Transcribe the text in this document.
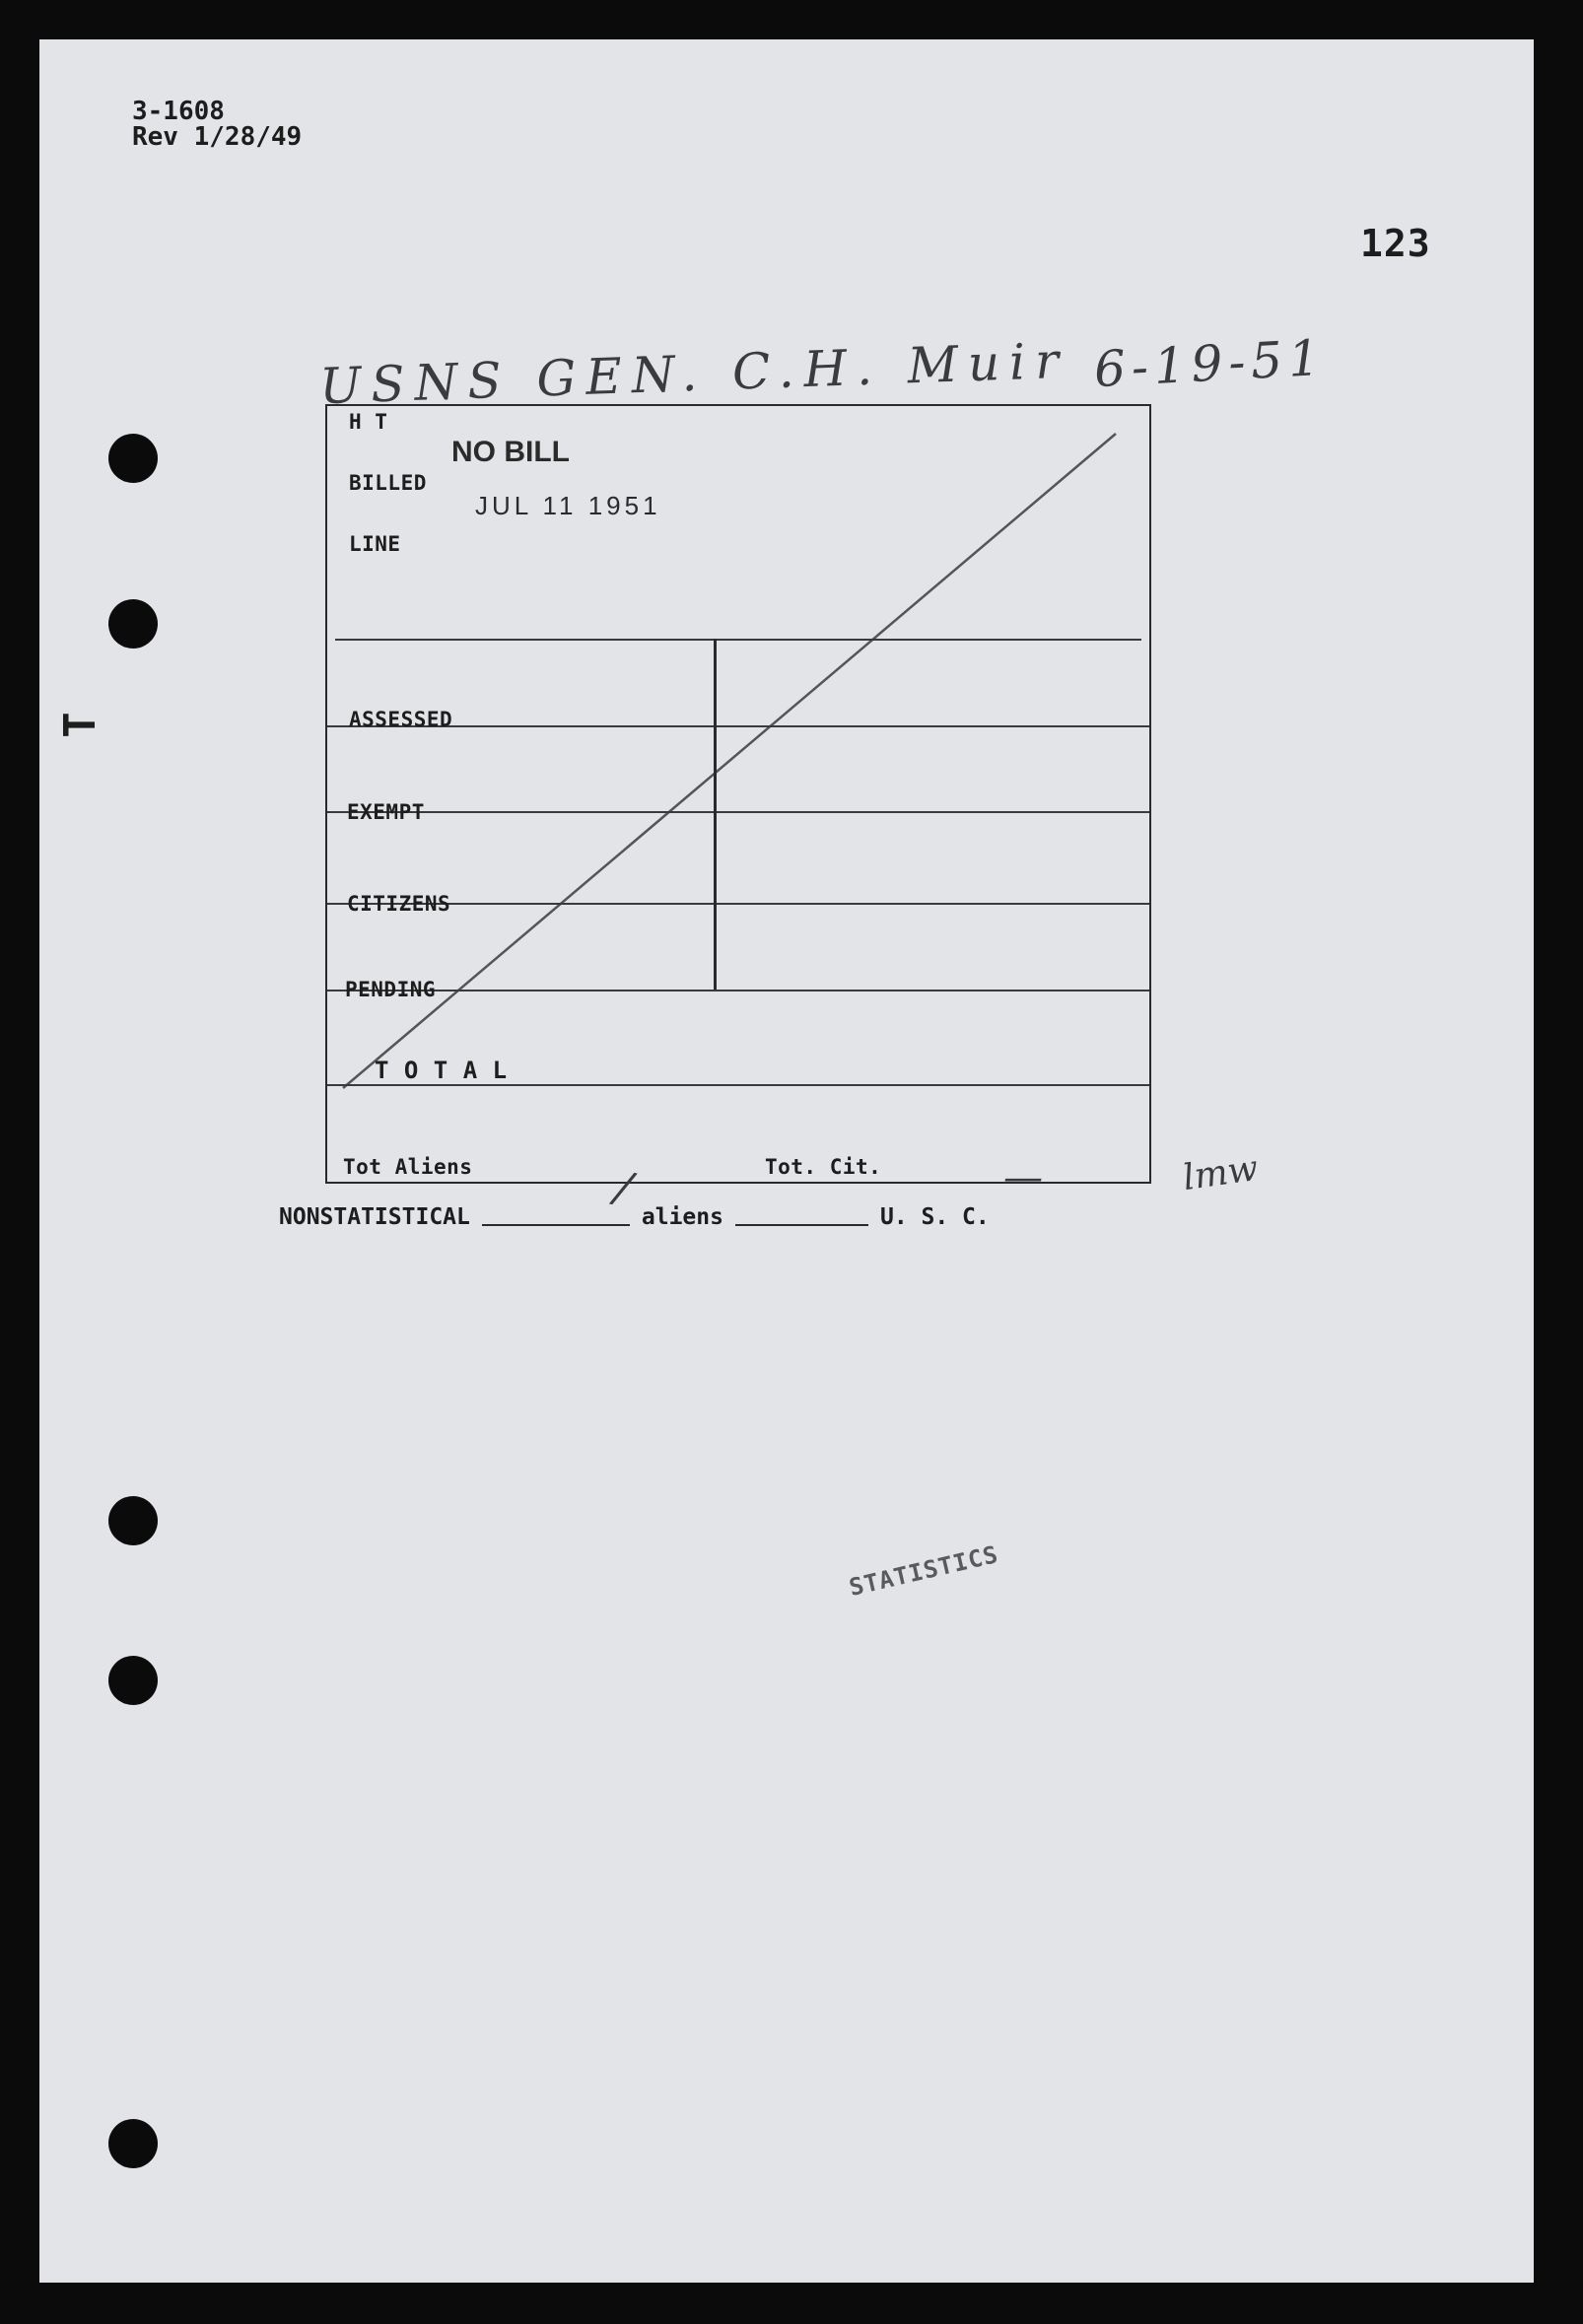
3-1608
Rev 1/28/49
123
USNS GEN. C.H. Muir 6-19-51
T
H T
BILLED
LINE
NO BILL
JUL 11 1951
ASSESSED
EXEMPT
CITIZENS
PENDING
T O T A L
Tot Aliens	Tot. Cit.
/	—	lmw
NONSTATISTICAL	aliens	U. S. C.
STATISTICS
